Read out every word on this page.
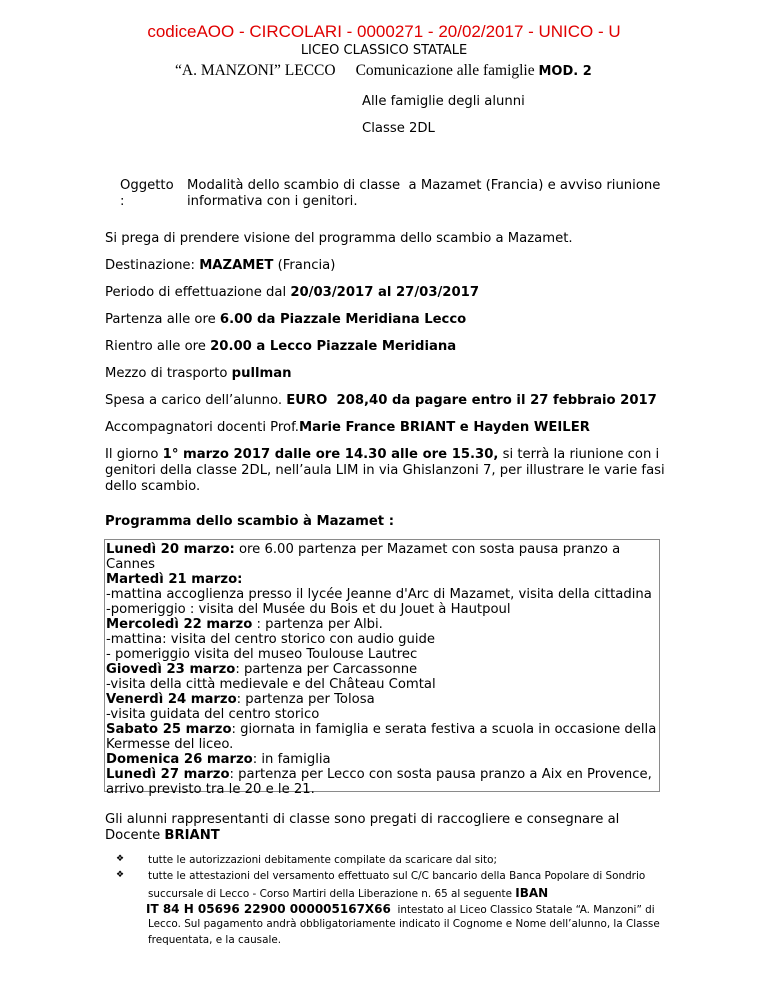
codiceAOO - CIRCOLARI - 0000271 - 20/02/2017 - UNICO - U
LICEO CLASSICO STATALE
“A. MANZONI” LECCO Comunicazione alle famiglie MOD. 2
Alle famiglie degli alunni
Classe 2DL
Oggetto
:
Modalità dello scambio di classe  a Mazamet (Francia) e avviso riunione
informativa con i genitori.
Si prega di prendere visione del programma dello scambio a Mazamet.
Destinazione: MAZAMET (Francia)
Periodo di effettuazione dal 20/03/2017 al 27/03/2017
Partenza alle ore 6.00 da Piazzale Meridiana Lecco
Rientro alle ore 20.00 a Lecco Piazzale Meridiana
Mezzo di trasporto pullman
Spesa a carico dell’alunno. EURO  208,40 da pagare entro il 27 febbraio 2017
Accompagnatori docenti Prof.Marie France BRIANT e Hayden WEILER
Il giorno 1° marzo 2017 dalle ore 14.30 alle ore 15.30, si terrà la riunione con i
genitori della classe 2DL, nell’aula LIM in via Ghislanzoni 7, per illustrare le varie fasi
dello scambio.
Programma dello scambio à Mazamet :
Lunedì 20 marzo: ore 6.00 partenza per Mazamet con sosta pausa pranzo a
Cannes
Martedì 21 marzo:
-mattina accoglienza presso il lycée Jeanne d'Arc di Mazamet, visita della cittadina
-pomeriggio : visita del Musée du Bois et du Jouet à Hautpoul
Mercoledì 22 marzo : partenza per Albi.
-mattina: visita del centro storico con audio guide
- pomeriggio visita del museo Toulouse Lautrec
Giovedì 23 marzo: partenza per Carcassonne
-visita della città medievale e del Château Comtal
Venerdì 24 marzo: partenza per Tolosa
-visita guidata del centro storico
Sabato 25 marzo: giornata in famiglia e serata festiva a scuola in occasione della
Kermesse del liceo.
Domenica 26 marzo: in famiglia
Lunedì 27 marzo: partenza per Lecco con sosta pausa pranzo a Aix en Provence,
arrivo previsto tra le 20 e le 21.
Gli alunni rappresentanti di classe sono pregati di raccogliere e consegnare al
Docente BRIANT
❖ tutte le autorizzazioni debitamente compilate da scaricare dal sito;
❖ tutte le attestazioni del versamento effettuato sul C/C bancario della Banca Popolare di Sondrio
succursale di Lecco - Corso Martiri della Liberazione n. 65 al seguente IBAN
IT 84 H 05696 22900 000005167X66  intestato al Liceo Classico Statale “A. Manzoni” di
Lecco. Sul pagamento andrà obbligatoriamente indicato il Cognome e Nome dell’alunno, la Classe
frequentata, e la causale.
